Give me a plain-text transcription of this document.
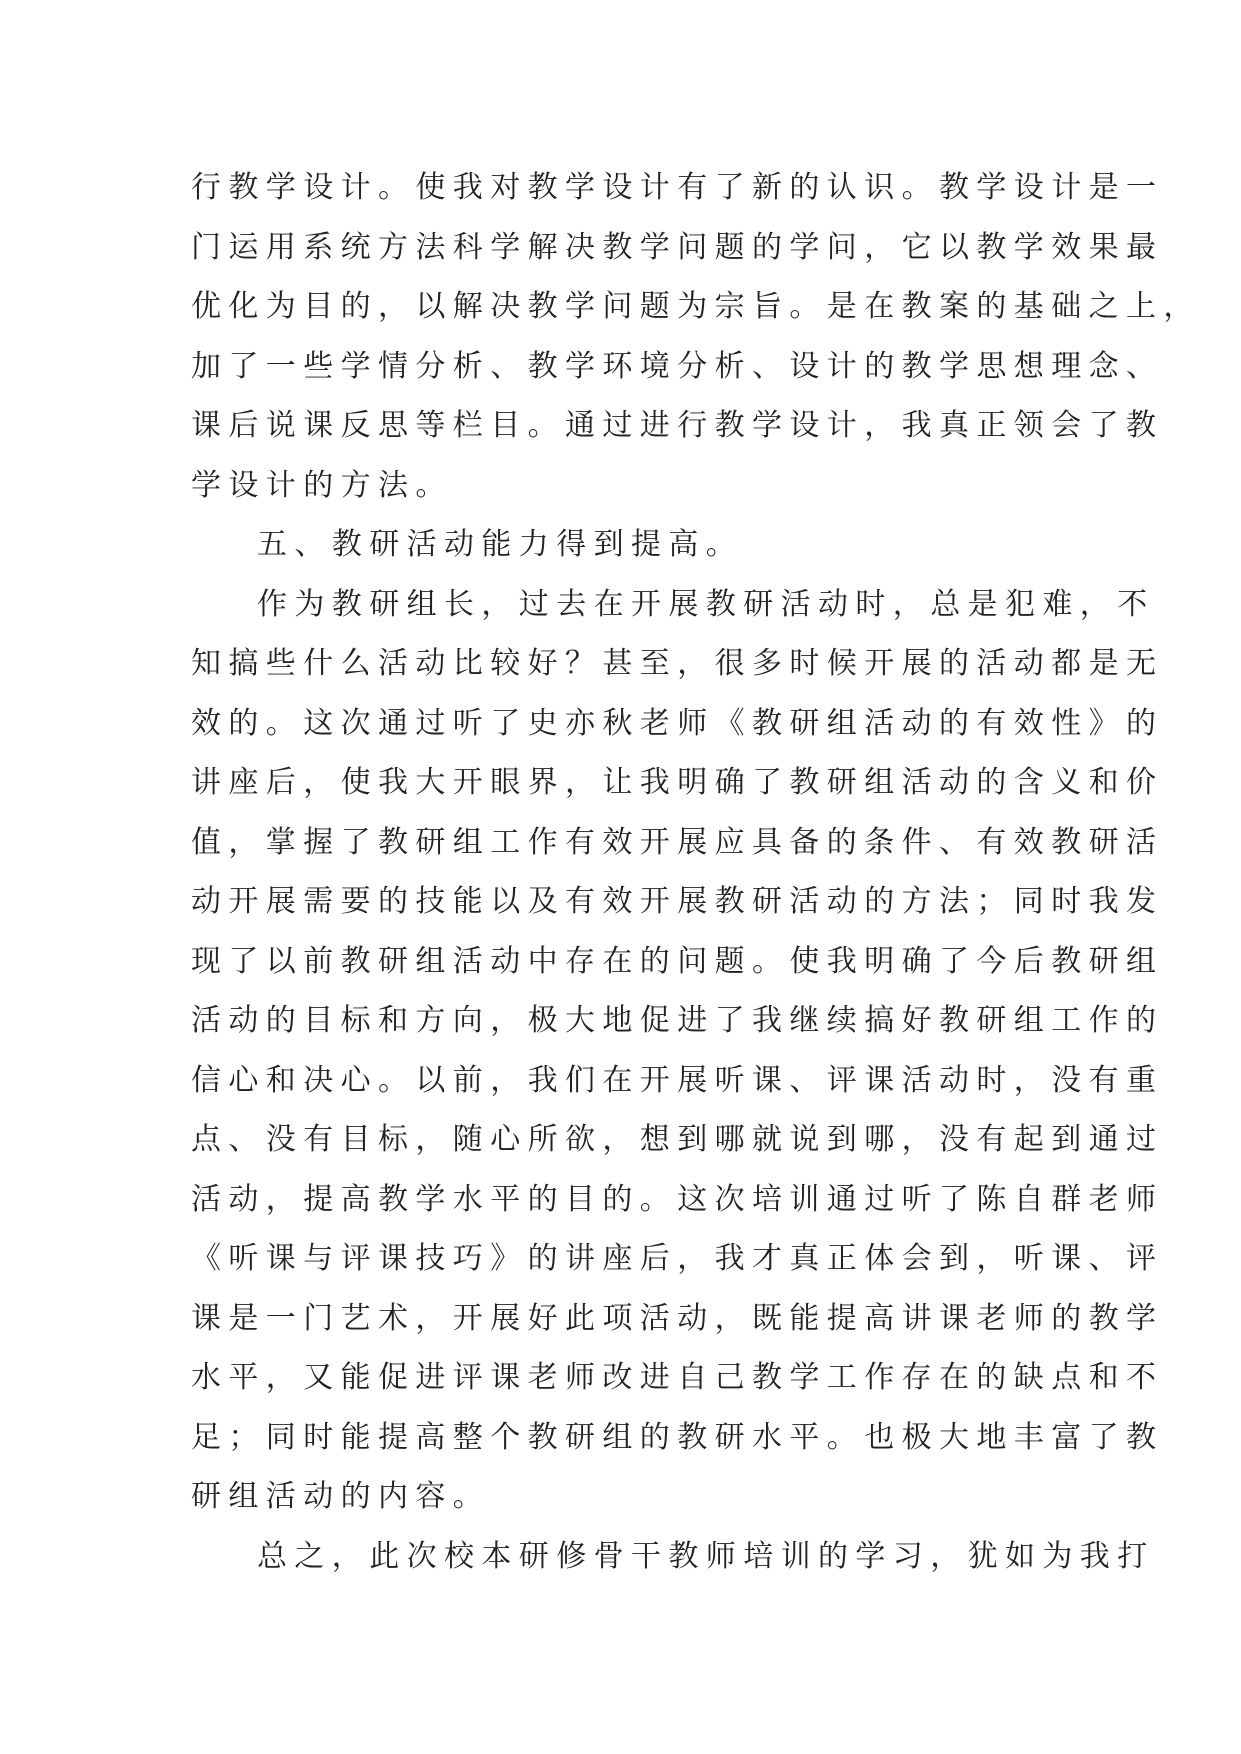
行教学设计。使我对教学设计有了新的认识。教学设计是一
门运用系统方法科学解决教学问题的学问，它以教学效果最
优化为目的，以解决教学问题为宗旨。是在教案的基础之上，
加了一些学情分析、教学环境分析、设计的教学思想理念、
课后说课反思等栏目。通过进行教学设计，我真正领会了教
学设计的方法。
五、教研活动能力得到提高。
作为教研组长，过去在开展教研活动时，总是犯难，不
知搞些什么活动比较好？甚至，很多时候开展的活动都是无
效的。这次通过听了史亦秋老师《教研组活动的有效性》的
讲座后，使我大开眼界，让我明确了教研组活动的含义和价
值，掌握了教研组工作有效开展应具备的条件、有效教研活
动开展需要的技能以及有效开展教研活动的方法；同时我发
现了以前教研组活动中存在的问题。使我明确了今后教研组
活动的目标和方向，极大地促进了我继续搞好教研组工作的
信心和决心。以前，我们在开展听课、评课活动时，没有重
点、没有目标，随心所欲，想到哪就说到哪，没有起到通过
活动，提高教学水平的目的。这次培训通过听了陈自群老师
《听课与评课技巧》的讲座后，我才真正体会到，听课、评
课是一门艺术，开展好此项活动，既能提高讲课老师的教学
水平，又能促进评课老师改进自己教学工作存在的缺点和不
足；同时能提高整个教研组的教研水平。也极大地丰富了教
研组活动的内容。
总之，此次校本研修骨干教师培训的学习，犹如为我打
